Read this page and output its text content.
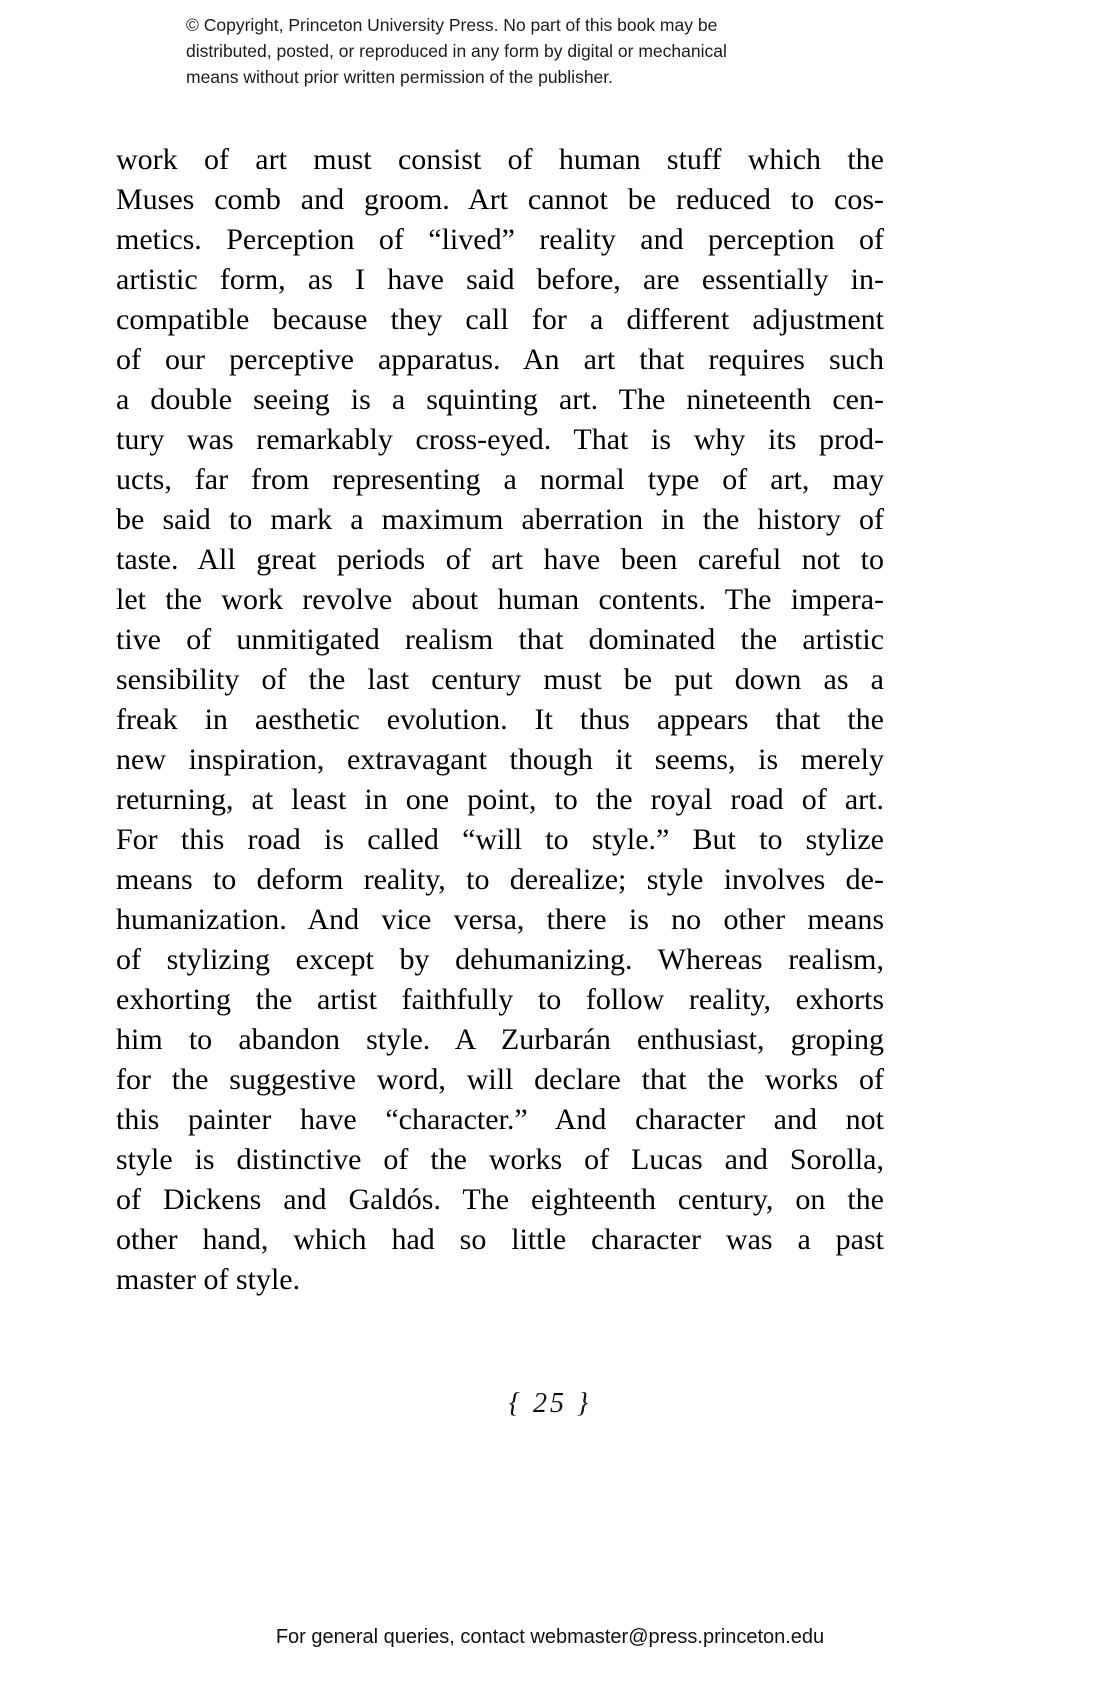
© Copyright, Princeton University Press. No part of this book may be
distributed, posted, or reproduced in any form by digital or mechanical
means without prior written permission of the publisher.
work of art must consist of human stuff which the
Muses comb and groom. Art cannot be reduced to cos-
metics. Perception of “lived” reality and perception of
artistic form, as I have said before, are essentially in-
compatible because they call for a different adjustment
of our perceptive apparatus. An art that requires such
a double seeing is a squinting art. The nineteenth cen-
tury was remarkably cross-eyed. That is why its prod-
ucts, far from representing a normal type of art, may
be said to mark a maximum aberration in the history of
taste. All great periods of art have been careful not to
let the work revolve about human contents. The impera-
tive of unmitigated realism that dominated the artistic
sensibility of the last century must be put down as a
freak in aesthetic evolution. It thus appears that the
new inspiration, extravagant though it seems, is merely
returning, at least in one point, to the royal road of art.
For this road is called “will to style.” But to stylize
means to deform reality, to derealize; style involves de-
humanization. And vice versa, there is no other means
of stylizing except by dehumanizing. Whereas realism,
exhorting the artist faithfully to follow reality, exhorts
him to abandon style. A Zurbarán enthusiast, groping
for the suggestive word, will declare that the works of
this painter have “character.” And character and not
style is distinctive of the works of Lucas and Sorolla,
of Dickens and Galdós. The eighteenth century, on the
other hand, which had so little character was a past
master of style.
{ 25 }
For general queries, contact webmaster@press.princeton.edu
